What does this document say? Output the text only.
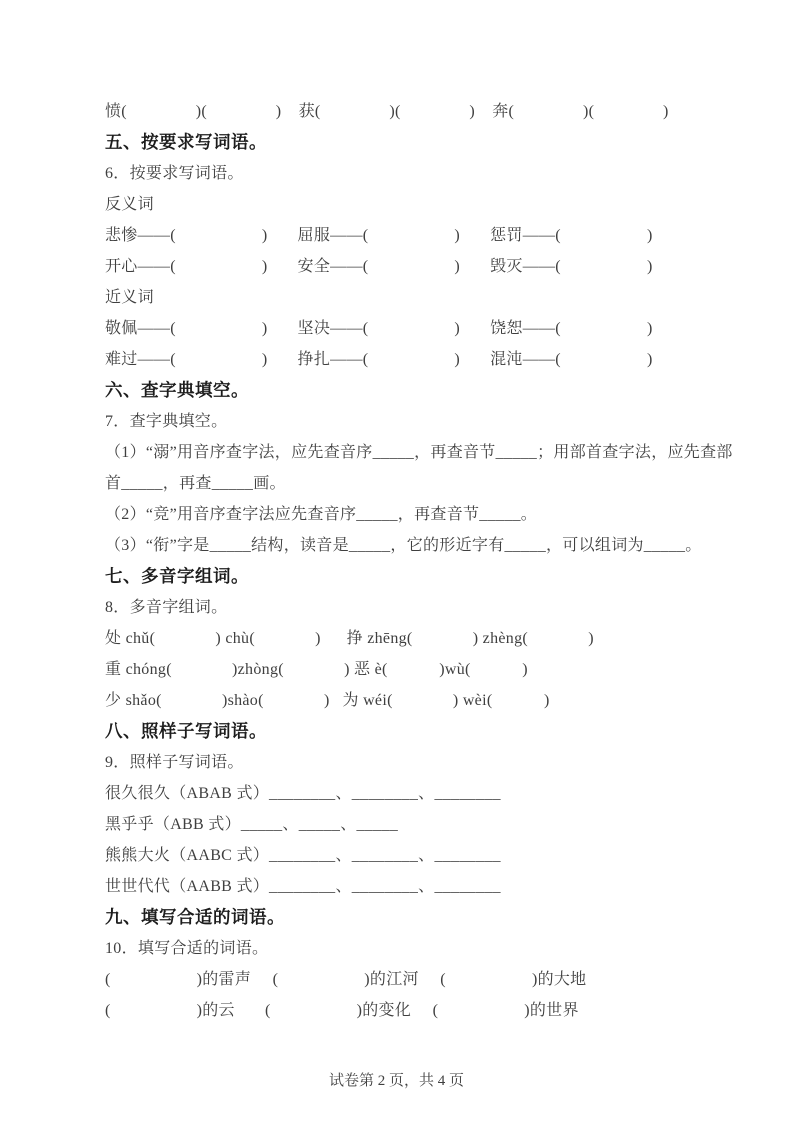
愤(                )(                )    获(                )(                )    奔(                )(                )
五、按要求写词语。
6．按要求写词语。
反义词
悲惨——(                    )       屈服——(                    )       惩罚——(                    )
开心——(                    )       安全——(                    )       毁灭——(                    )
近义词
敬佩——(                    )       坚决——(                    )       饶恕——(                    )
难过——(                    )       挣扎——(                    )       混沌——(                    )
六、查字典填空。
7．查字典填空。
（1）“溺”用音序查字法，应先查音序_____，再查音节_____；用部首查字法，应先查部
首_____，再查_____画。
（2）“竞”用音序查字法应先查音序_____，再查音节_____。
（3）“衔”字是_____结构，读音是_____，它的形近字有_____，可以组词为_____。
七、多音字组词。
8．多音字组词。
处 chǔ(              ) chù(              )      挣 zhēng(              ) zhèng(              )
重 chóng(              )zhòng(              ) 恶 è(            )wù(            )
少 shǎo(              )shào(              )   为 wéi(              ) wèi(            )
八、照样子写词语。
9．照样子写词语。
很久很久（ABAB 式）________、________、________
黑乎乎（ABB 式）_____、_____、_____
熊熊大火（AABC 式）________、________、________
世世代代（AABB 式）________、________、________
九、填写合适的词语。
10．填写合适的词语。
(                    )的雷声     (                    )的江河     (                    )的大地
(                    )的云       (                    )的变化     (                    )的世界
试卷第 2 页，共 4 页
